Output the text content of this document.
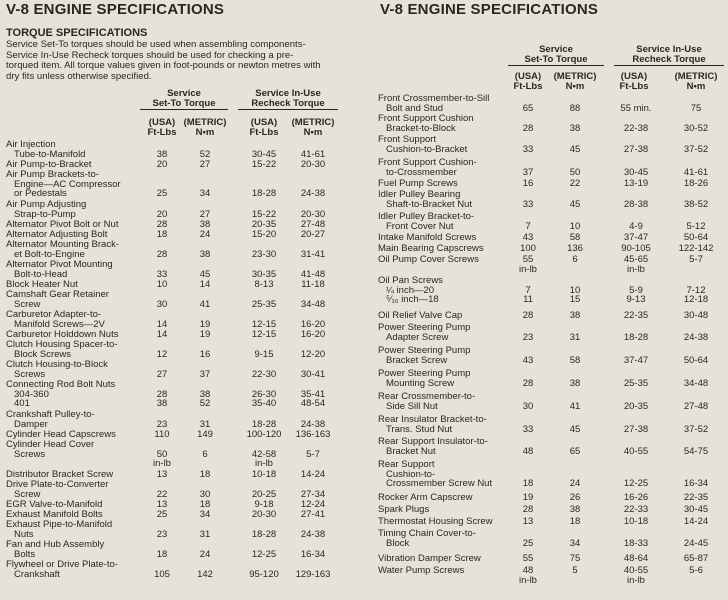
V-8 ENGINE SPECIFICATIONS
TORQUE SPECIFICATIONS
Service Set-To torques should be used when assembling components-
Service In-Use Recheck torques should be used for checking a pre-
torqued item. All torque values given in foot-pounds or newton metres with
dry fits unless otherwise specified.
Service
Set-To Torque
Service In-Use
Recheck Torque
(USA)
Ft-Lbs
(METRIC)
N•m
(USA)
Ft-Lbs
(METRIC)
N•m
Air Injection
Tube-to-Manifold	38	52	30-45	41-61
Air Pump-to-Bracket	20	27	15-22	20-30
Air Pump Brackets-to-
Engine—AC Compressor
or Pedestals	25	34	18-28	24-38
Air Pump Adjusting
Strap-to-Pump	20	27	15-22	20-30
Alternator Pivot Bolt or Nut	28	38	20-35	27-48
Alternator Adjusting Bolt	18	24	15-20	20-27
Alternator Mounting Brack-
et Bolt-to-Engine	28	38	23-30	31-41
Alternator Pivot Mounting
Bolt-to-Head	33	45	30-35	41-48
Block Heater Nut	10	14	8-13	11-18
Camshaft Gear Retainer
Screw	30	41	25-35	34-48
Carburetor Adapter-to-
Manifold Screws—2V	14	19	12-15	16-20
Carburetor Holddown Nuts	14	19	12-15	16-20
Clutch Housing Spacer-to-
Block Screws	12	16	9-15	12-20
Clutch Housing-to-Block
Screws	27	37	22-30	30-41
Connecting Rod Bolt Nuts
304-360
401
28	38	26-30	35-41
38	52	35-40	48-54
Crankshaft Pulley-to-
Damper	23	31	18-28	24-38
Cylinder Head Capscrews	110	149	100-120	136-163
Cylinder Head Cover
Screws	50	6	42-58	5-7
in-lb	in-lb
Distributor Bracket Screw	13	18	10-18	14-24
Drive Plate-to-Converter
Screw	22	30	20-25	27-34
EGR Valve-to-Manifold	13	18	9-18	12-24
Exhaust Manifold Bolts	25	34	20-30	27-41
Exhaust Pipe-to-Manifold
Nuts	23	31	18-28	24-38
Fan and Hub Assembly
Bolts	18	24	12-25	16-34
Flywheel or Drive Plate-to-
Crankshaft	105	142	95-120	129-163
V-8 ENGINE SPECIFICATIONS
Service
Set-To Torque
Service In-Use
Recheck Torque
(USA)
Ft-Lbs
(METRIC)
N•m
(USA)
Ft-Lbs
(METRIC)
N•m
Front Crossmember-to-Sill
Bolt and Stud	65	88	55 min.	75
Front Support Cushion
Bracket-to-Block	28	38	22-38	30-52
Front Support
Cushion-to-Bracket	33	45	27-38	37-52
Front Support Cushion-
to-Crossmember	37	50	30-45	41-61
Fuel Pump Screws	16	22	13-19	18-26
Idler Pulley Bearing
Shaft-to-Bracket Nut	33	45	28-38	38-52
Idler Pulley Bracket-to-
Front Cover Nut	7	10	4-9	5-12
Intake Manifold Screws	43	58	37-47	50-64
Main Bearing Capscrews	100	136	90-105	122-142
Oil Pump Cover Screws	55	6	45-65	5-7
in-lb	in-lb
Oil Pan Screws
¼ inch—20
⁵⁄₁₆ inch—18
7	10	5-9	7-12
11	15	9-13	12-18
Oil Relief Valve Cap	28	38	22-35	30-48
Power Steering Pump
Adapter Screw	23	31	18-28	24-38
Power Steering Pump
Bracket Screw	43	58	37-47	50-64
Power Steering Pump
Mounting Screw	28	38	25-35	34-48
Rear Crossmember-to-
Side Sill Nut	30	41	20-35	27-48
Rear Insulator Bracket-to-
Trans. Stud Nut	33	45	27-38	37-52
Rear Support Insulator-to-
Bracket Nut	48	65	40-55	54-75
Rear Support
Cushion-to-
Crossmember Screw Nut	18	24	12-25	16-34
Rocker Arm Capscrew	19	26	16-26	22-35
Spark Plugs	28	38	22-33	30-45
Thermostat Housing Screw	13	18	10-18	14-24
Timing Chain Cover-to-
Block	25	34	18-33	24-45
Vibration Damper Screw	55	75	48-64	65-87
Water Pump Screws	48	5	40-55	5-6
in-lb	in-lb
